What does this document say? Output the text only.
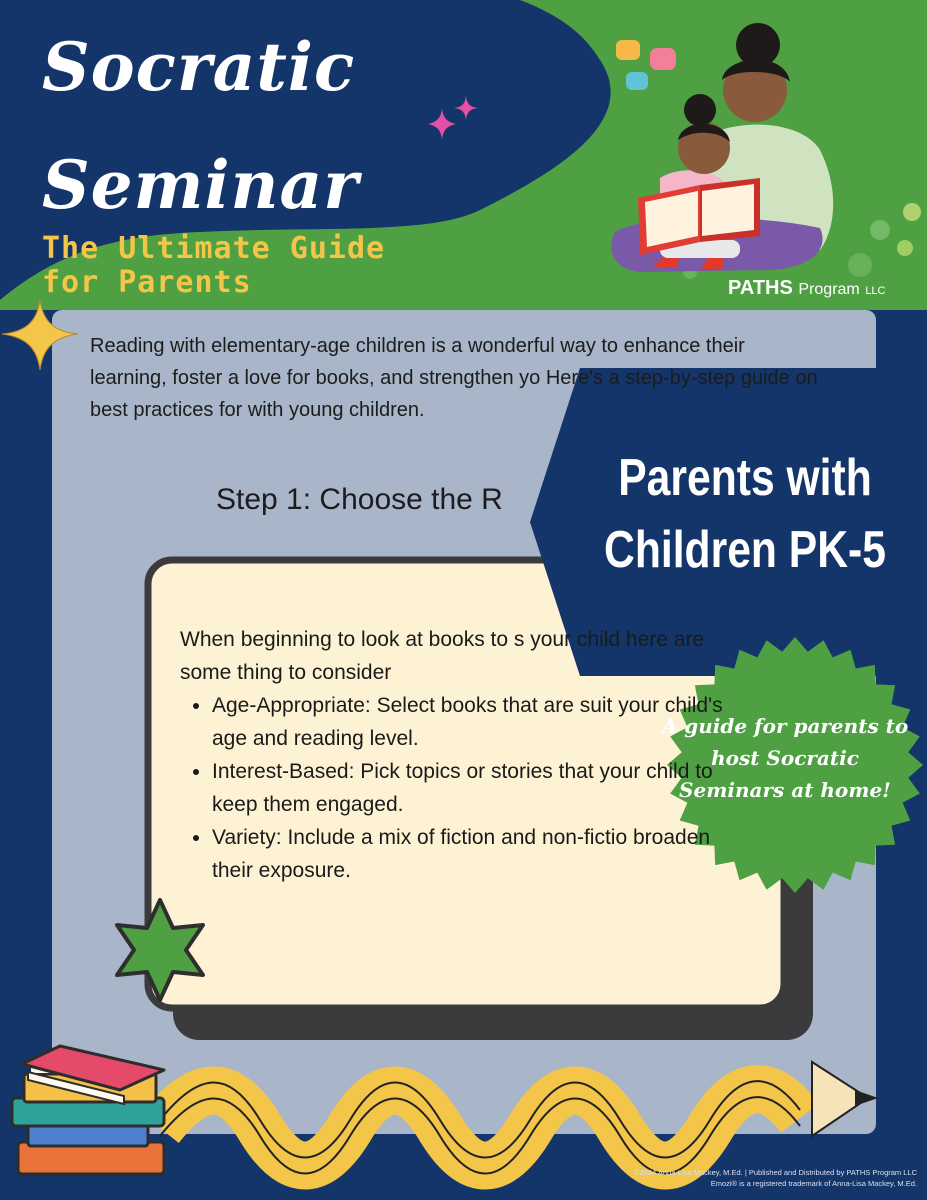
Socratic
Seminar
The Ultimate Guide for Parents	PATHS Program LLC
Reading with elementary-age children is a wonderful way to enhance their learning, foster a love for books, and strengthen yo Here's a step-by-step guide on best practices for with young children.
Step 1: Choose the R

When beginning to look at books to s your child here are some thing to consider

• Age-Appropriate: Select books that are suit your child's age and reading level.
• Interest-Based: Pick topics or stories that your child to keep them engaged.
• Variety: Include a mix of fiction and non-fictio broaden their exposure.
Parents with
Children PK-5
A guide for parents to host Socratic Seminars at home!
©2024 Anna-Lisa Mackey, M.Ed. | Published and Distributed by PATHS Program LLC
Emozi® is a registered trademark of Anna-Lisa Mackey, M.Ed.
